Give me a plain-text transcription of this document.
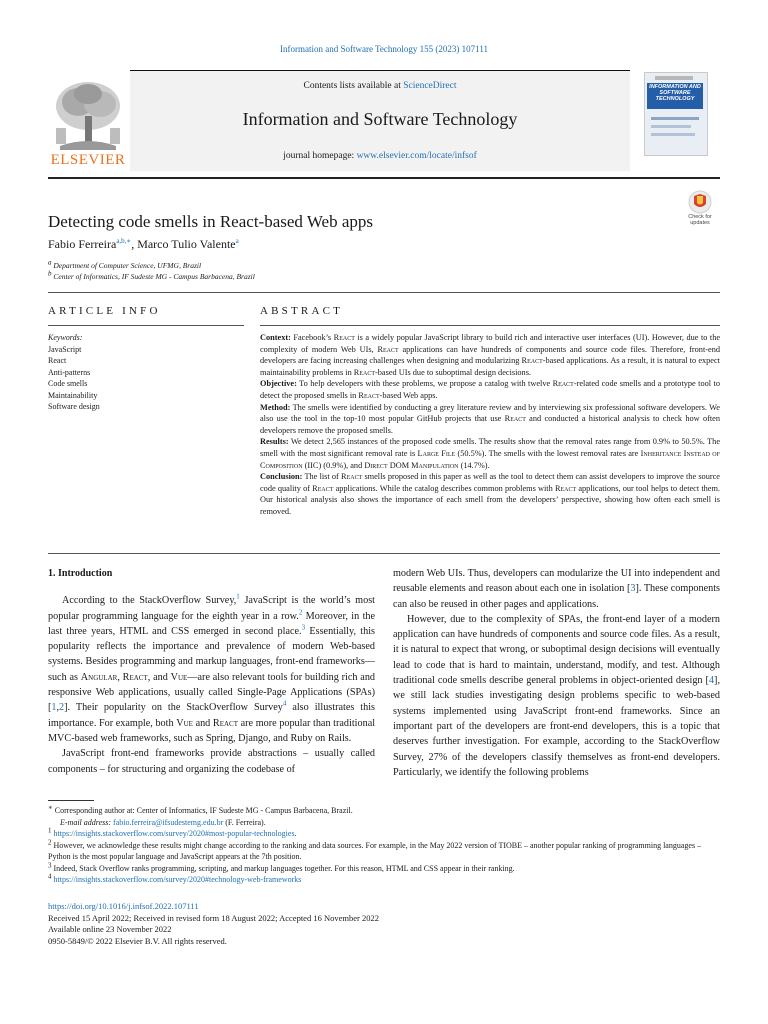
Information and Software Technology 155 (2023) 107111
ELSEVIER
Contents lists available at ScienceDirect
Information and Software Technology
journal homepage: www.elsevier.com/locate/infsof
INFORMATION AND SOFTWARE TECHNOLOGY
Detecting code smells in React-based Web apps	Check for updates
Fabio Ferreira$^{a,b,∗}$, Marco Tulio Valente$^a$
$^a$ Department of Computer Science, UFMG, Brazil
$^b$ Center of Informatics, IF Sudeste MG - Campus Barbacena, Brazil
ARTICLE INFO	ABSTRACT
Keywords:
JavaScript
React
Anti-patterns
Code smells
Maintainability
Software design

Context: Facebook’s React is a widely popular JavaScript library to build rich and interactive user interfaces (UI). However, due to the complexity of modern Web UIs, React applications can have hundreds of components and source code files. Therefore, front-end developers are facing increasing challenges when designing and modularizing React-based applications. As a result, it is natural to expect maintainability problems in React-based UIs due to suboptimal design decisions.

Objective: To help developers with these problems, we propose a catalog with twelve React-related code smells and a prototype tool to detect the proposed smells in React-based Web apps.

Method: The smells were identified by conducting a grey literature review and by interviewing six professional software developers. We also use the tool in the top-10 most popular GitHub projects that use React and conducted a historical analysis to check how often developers remove the proposed smells.

Results: We detect 2,565 instances of the proposed code smells. The results show that the removal rates range from 0.9% to 50.5%. The smell with the most significant removal rate is Large File (50.5%). The smells with the lowest removal rates are Inheritance Instead of Composition (IIC) (0.9%), and Direct DOM Manipulation (14.7%).

Conclusion: The list of React smells proposed in this paper as well as the tool to detect them can assist developers to improve the source code quality of React applications. While the catalog describes common problems with React applications, our tool helps to detect them. Our historical analysis also shows the importance of each smell from the developers’ perspective, showing how often each smell is removed.

1. Introduction

According to the StackOverflow Survey,$^1$ JavaScript is the world’s most popular programming language for the eighth year in a row.$^2$ Moreover, in the last three years, HTML and CSS emerged in second place.$^3$ Essentially, this popularity reflects the importance and prevalence of modern Web-based systems. Besides programming and markup languages, front-end frameworks—such as Angular, React, and Vue—are also relevant tools for building rich and responsive Web applications, usually called Single-Page Applications (SPAs) [1,2]. Their popularity on the StackOverflow Survey$^4$ also illustrates this importance. For example, both Vue and React are more popular than traditional MVC-based web frameworks, such as Spring, Django, and Ruby on Rails.

JavaScript front-end frameworks provide abstractions – usually called components – for structuring and organizing the codebase of

modern Web UIs. Thus, developers can modularize the UI into independent and reusable elements and reason about each one in isolation [3]. These components can also be reused in other pages and applications.

However, due to the complexity of SPAs, the front-end layer of a modern application can have hundreds of components and source code files. As a result, it is natural to expect that wrong, or suboptimal design decisions will eventually lead to code that is hard to maintain, understand, modify, and test. Although traditional code smells describe general problems in object-oriented design [4], we still lack studies investigating design problems specific to web-based systems implemented using JavaScript front-end frameworks. Since an important part of the developers are front-end developers, this is a topic that deserves further investigation. For example, according to the StackOverflow Survey, 27% of the developers classify themselves as front-end developers. Particularly, we identify the following problems

∗ Corresponding author at: Center of Informatics, IF Sudeste MG - Campus Barbacena, Brazil.

E-mail address: fabio.ferreira@ifsudestemg.edu.br (F. Ferreira).

$^1$ https://insights.stackoverflow.com/survey/2020#most-popular-technologies.

$^2$ However, we acknowledge these results might change according to the ranking and data sources. For example, in the May 2022 version of TIOBE – another popular ranking of programming languages – Python is the most popular language and JavaScript appears at the 7th position.

$^3$ Indeed, Stack Overflow ranks programming, scripting, and markup languages together. For this reason, HTML and CSS appear in their ranking.

$^4$ https://insights.stackoverflow.com/survey/2020#technology-web-frameworks

https://doi.org/10.1016/j.infsof.2022.107111
Received 15 April 2022; Received in revised form 18 August 2022; Accepted 16 November 2022
Available online 23 November 2022
0950-5849/© 2022 Elsevier B.V. All rights reserved.
